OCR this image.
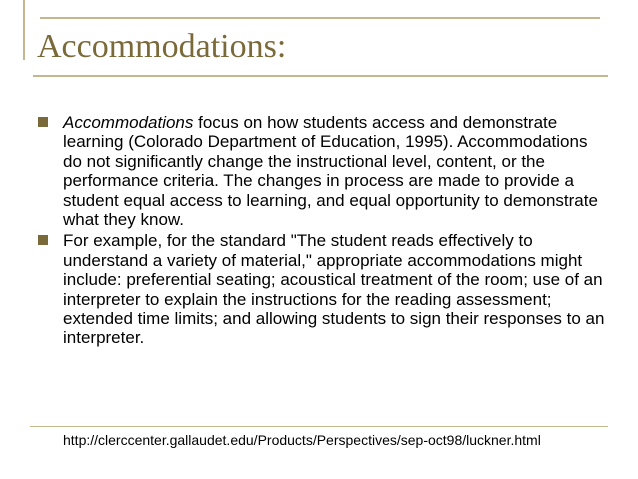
Accommodations:
Accommodations focus on how students access and demonstrate learning (Colorado Department of Education, 1995). Accommodations do not significantly change the instructional level, content, or the performance criteria. The changes in process are made to provide a student equal access to learning, and equal opportunity to demonstrate what they know.
For example, for the standard "The student reads effectively to understand a variety of material," appropriate accommodations might include: preferential seating; acoustical treatment of the room; use of an interpreter to explain the instructions for the reading assessment; extended time limits; and allowing students to sign their responses to an interpreter.
http://clerccenter.gallaudet.edu/Products/Perspectives/sep-oct98/luckner.html
